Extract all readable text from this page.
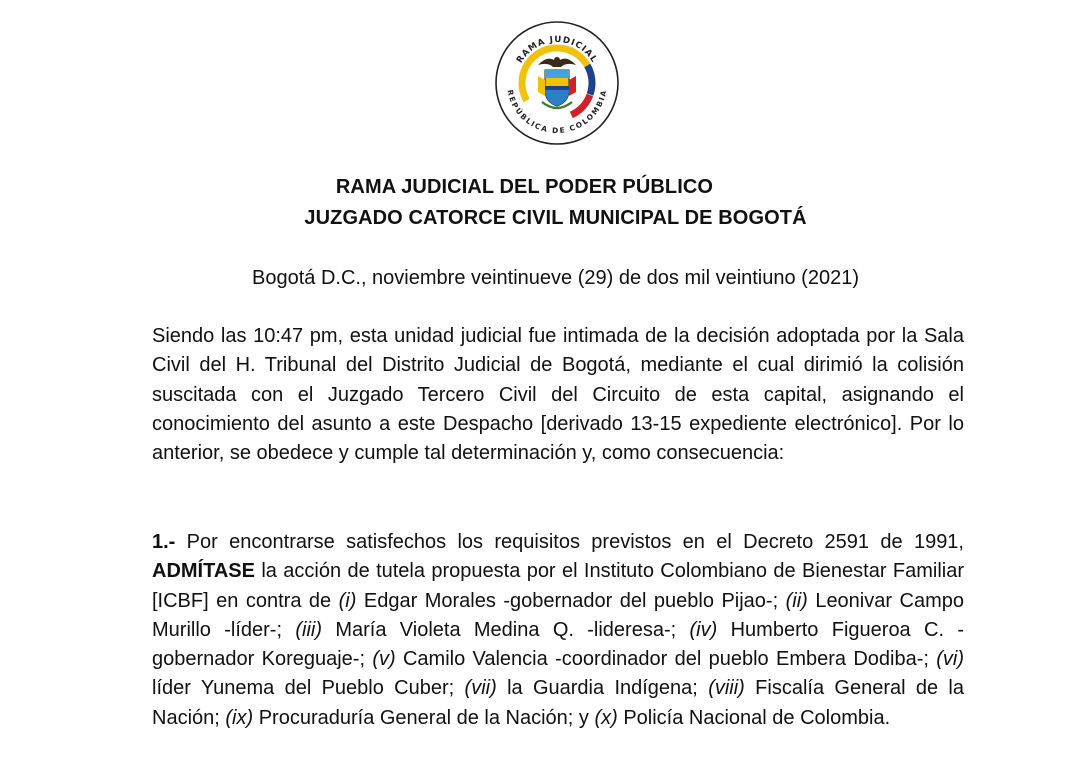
RAMA JUDICIAL
REPÚBLICA DE COLOMBIA
RAMA JUDICIAL DEL PODER PÚBLICO
JUZGADO CATORCE CIVIL MUNICIPAL DE BOGOTÁ
Bogotá D.C., noviembre veintinueve (29) de dos mil veintiuno (2021)
Siendo las 10:47 pm, esta unidad judicial fue intimada de la decisión adoptada por la Sala Civil del H. Tribunal del Distrito Judicial de Bogotá, mediante el cual dirimió la colisión suscitada con el Juzgado Tercero Civil del Circuito de esta capital, asignando el conocimiento del asunto a este Despacho [derivado 13-15 expediente electrónico]. Por lo anterior, se obedece y cumple tal determinación y, como consecuencia:
1.- Por encontrarse satisfechos los requisitos previstos en el Decreto 2591 de 1991, ADMÍTASE la acción de tutela propuesta por el Instituto Colombiano de Bienestar Familiar [ICBF] en contra de (i) Edgar Morales -gobernador del pueblo Pijao-; (ii) Leonivar Campo Murillo -líder-; (iii) María Violeta Medina Q. -lideresa-; (iv) Humberto Figueroa C. -gobernador Koreguaje-; (v) Camilo Valencia -coordinador del pueblo Embera Dodiba-; (vi) líder Yunema del Pueblo Cuber; (vii) la Guardia Indígena; (viii) Fiscalía General de la Nación; (ix) Procuraduría General de la Nación; y (x) Policía Nacional de Colombia.
